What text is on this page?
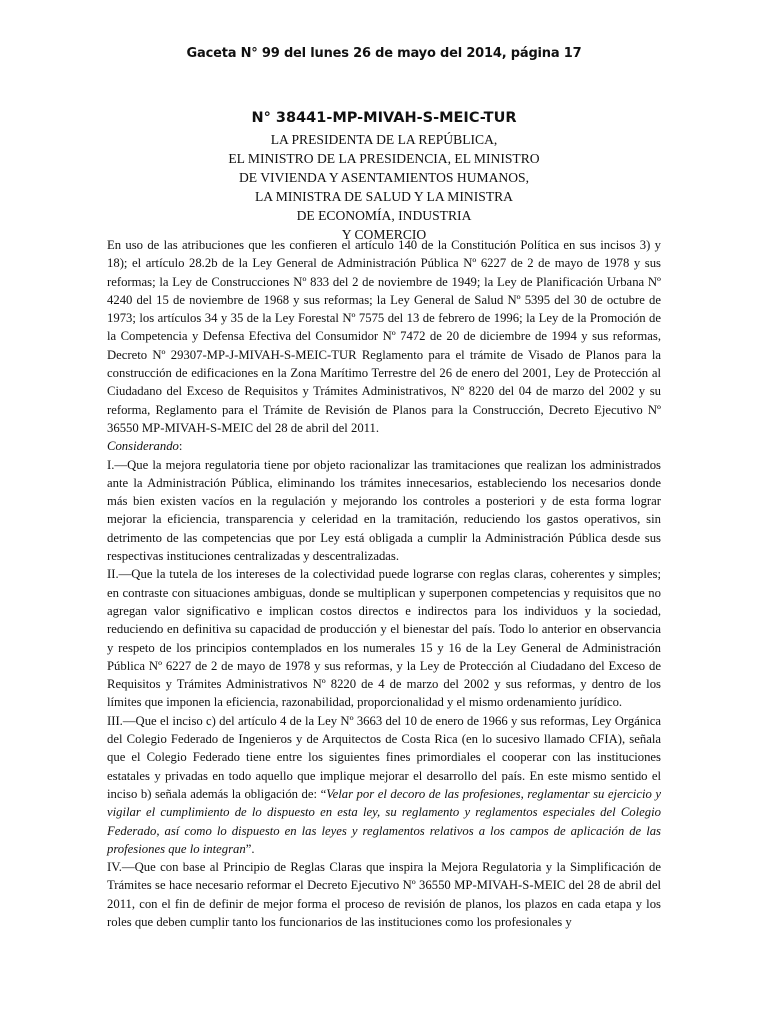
Gaceta N° 99 del lunes 26 de mayo del 2014, página 17
N° 38441-MP-MIVAH-S-MEIC-TUR
LA PRESIDENTA DE LA REPÚBLICA,
EL MINISTRO DE LA PRESIDENCIA, EL MINISTRO
DE VIVIENDA Y ASENTAMIENTOS HUMANOS,
LA MINISTRA DE SALUD Y LA MINISTRA
DE ECONOMÍA, INDUSTRIA
Y COMERCIO

En uso de las atribuciones que les confieren el artículo 140 de la Constitución Política en sus incisos 3) y 18); el artículo 28.2b de la Ley General de Administración Pública Nº 6227 de 2 de mayo de 1978 y sus reformas; la Ley de Construcciones Nº 833 del 2 de noviembre de 1949; la Ley de Planificación Urbana Nº 4240 del 15 de noviembre de 1968 y sus reformas; la Ley General de Salud Nº 5395 del 30 de octubre de 1973; los artículos 34 y 35 de la Ley Forestal Nº 7575 del 13 de febrero de 1996; la Ley de la Promoción de la Competencia y Defensa Efectiva del Consumidor Nº 7472 de 20 de diciembre de 1994 y sus reformas, Decreto Nº 29307-MP-J-MIVAH-S-MEIC-TUR Reglamento para el trámite de Visado de Planos para la construcción de edificaciones en la Zona Marítimo Terrestre del 26 de enero del 2001, Ley de Protección al Ciudadano del Exceso de Requisitos y Trámites Administrativos, Nº 8220 del 04 de marzo del 2002 y su reforma, Reglamento para el Trámite de Revisión de Planos para la Construcción, Decreto Ejecutivo Nº 36550 MP-MIVAH-S-MEIC del 28 de abril del 2011.

Considerando:

I.—Que la mejora regulatoria tiene por objeto racionalizar las tramitaciones que realizan los administrados ante la Administración Pública, eliminando los trámites innecesarios, estableciendo los necesarios donde más bien existen vacíos en la regulación y mejorando los controles a posteriori y de esta forma lograr mejorar la eficiencia, transparencia y celeridad en la tramitación, reduciendo los gastos operativos, sin detrimento de las competencias que por Ley está obligada a cumplir la Administración Pública desde sus respectivas instituciones centralizadas y descentralizadas.

II.—Que la tutela de los intereses de la colectividad puede lograrse con reglas claras, coherentes y simples; en contraste con situaciones ambiguas, donde se multiplican y superponen competencias y requisitos que no agregan valor significativo e implican costos directos e indirectos para los individuos y la sociedad, reduciendo en definitiva su capacidad de producción y el bienestar del país. Todo lo anterior en observancia y respeto de los principios contemplados en los numerales 15 y 16 de la Ley General de Administración Pública Nº 6227 de 2 de mayo de 1978 y sus reformas, y la Ley de Protección al Ciudadano del Exceso de Requisitos y Trámites Administrativos Nº 8220 de 4 de marzo del 2002 y sus reformas, y dentro de los límites que imponen la eficiencia, razonabilidad, proporcionalidad y el mismo ordenamiento jurídico.

III.—Que el inciso c) del artículo 4 de la Ley Nº 3663 del 10 de enero de 1966 y sus reformas, Ley Orgánica del Colegio Federado de Ingenieros y de Arquitectos de Costa Rica (en lo sucesivo llamado CFIA), señala que el Colegio Federado tiene entre los siguientes fines primordiales el cooperar con las instituciones estatales y privadas en todo aquello que implique mejorar el desarrollo del país. En este mismo sentido el inciso b) señala además la obligación de: “Velar por el decoro de las profesiones, reglamentar su ejercicio y vigilar el cumplimiento de lo dispuesto en esta ley, su reglamento y reglamentos especiales del Colegio Federado, así como lo dispuesto en las leyes y reglamentos relativos a los campos de aplicación de las profesiones que lo integran”.

IV.—Que con base al Principio de Reglas Claras que inspira la Mejora Regulatoria y la Simplificación de Trámites se hace necesario reformar el Decreto Ejecutivo Nº 36550 MP-MIVAH-S-MEIC del 28 de abril del 2011, con el fin de definir de mejor forma el proceso de revisión de planos, los plazos en cada etapa y los roles que deben cumplir tanto los funcionarios de las instituciones como los profesionales y
